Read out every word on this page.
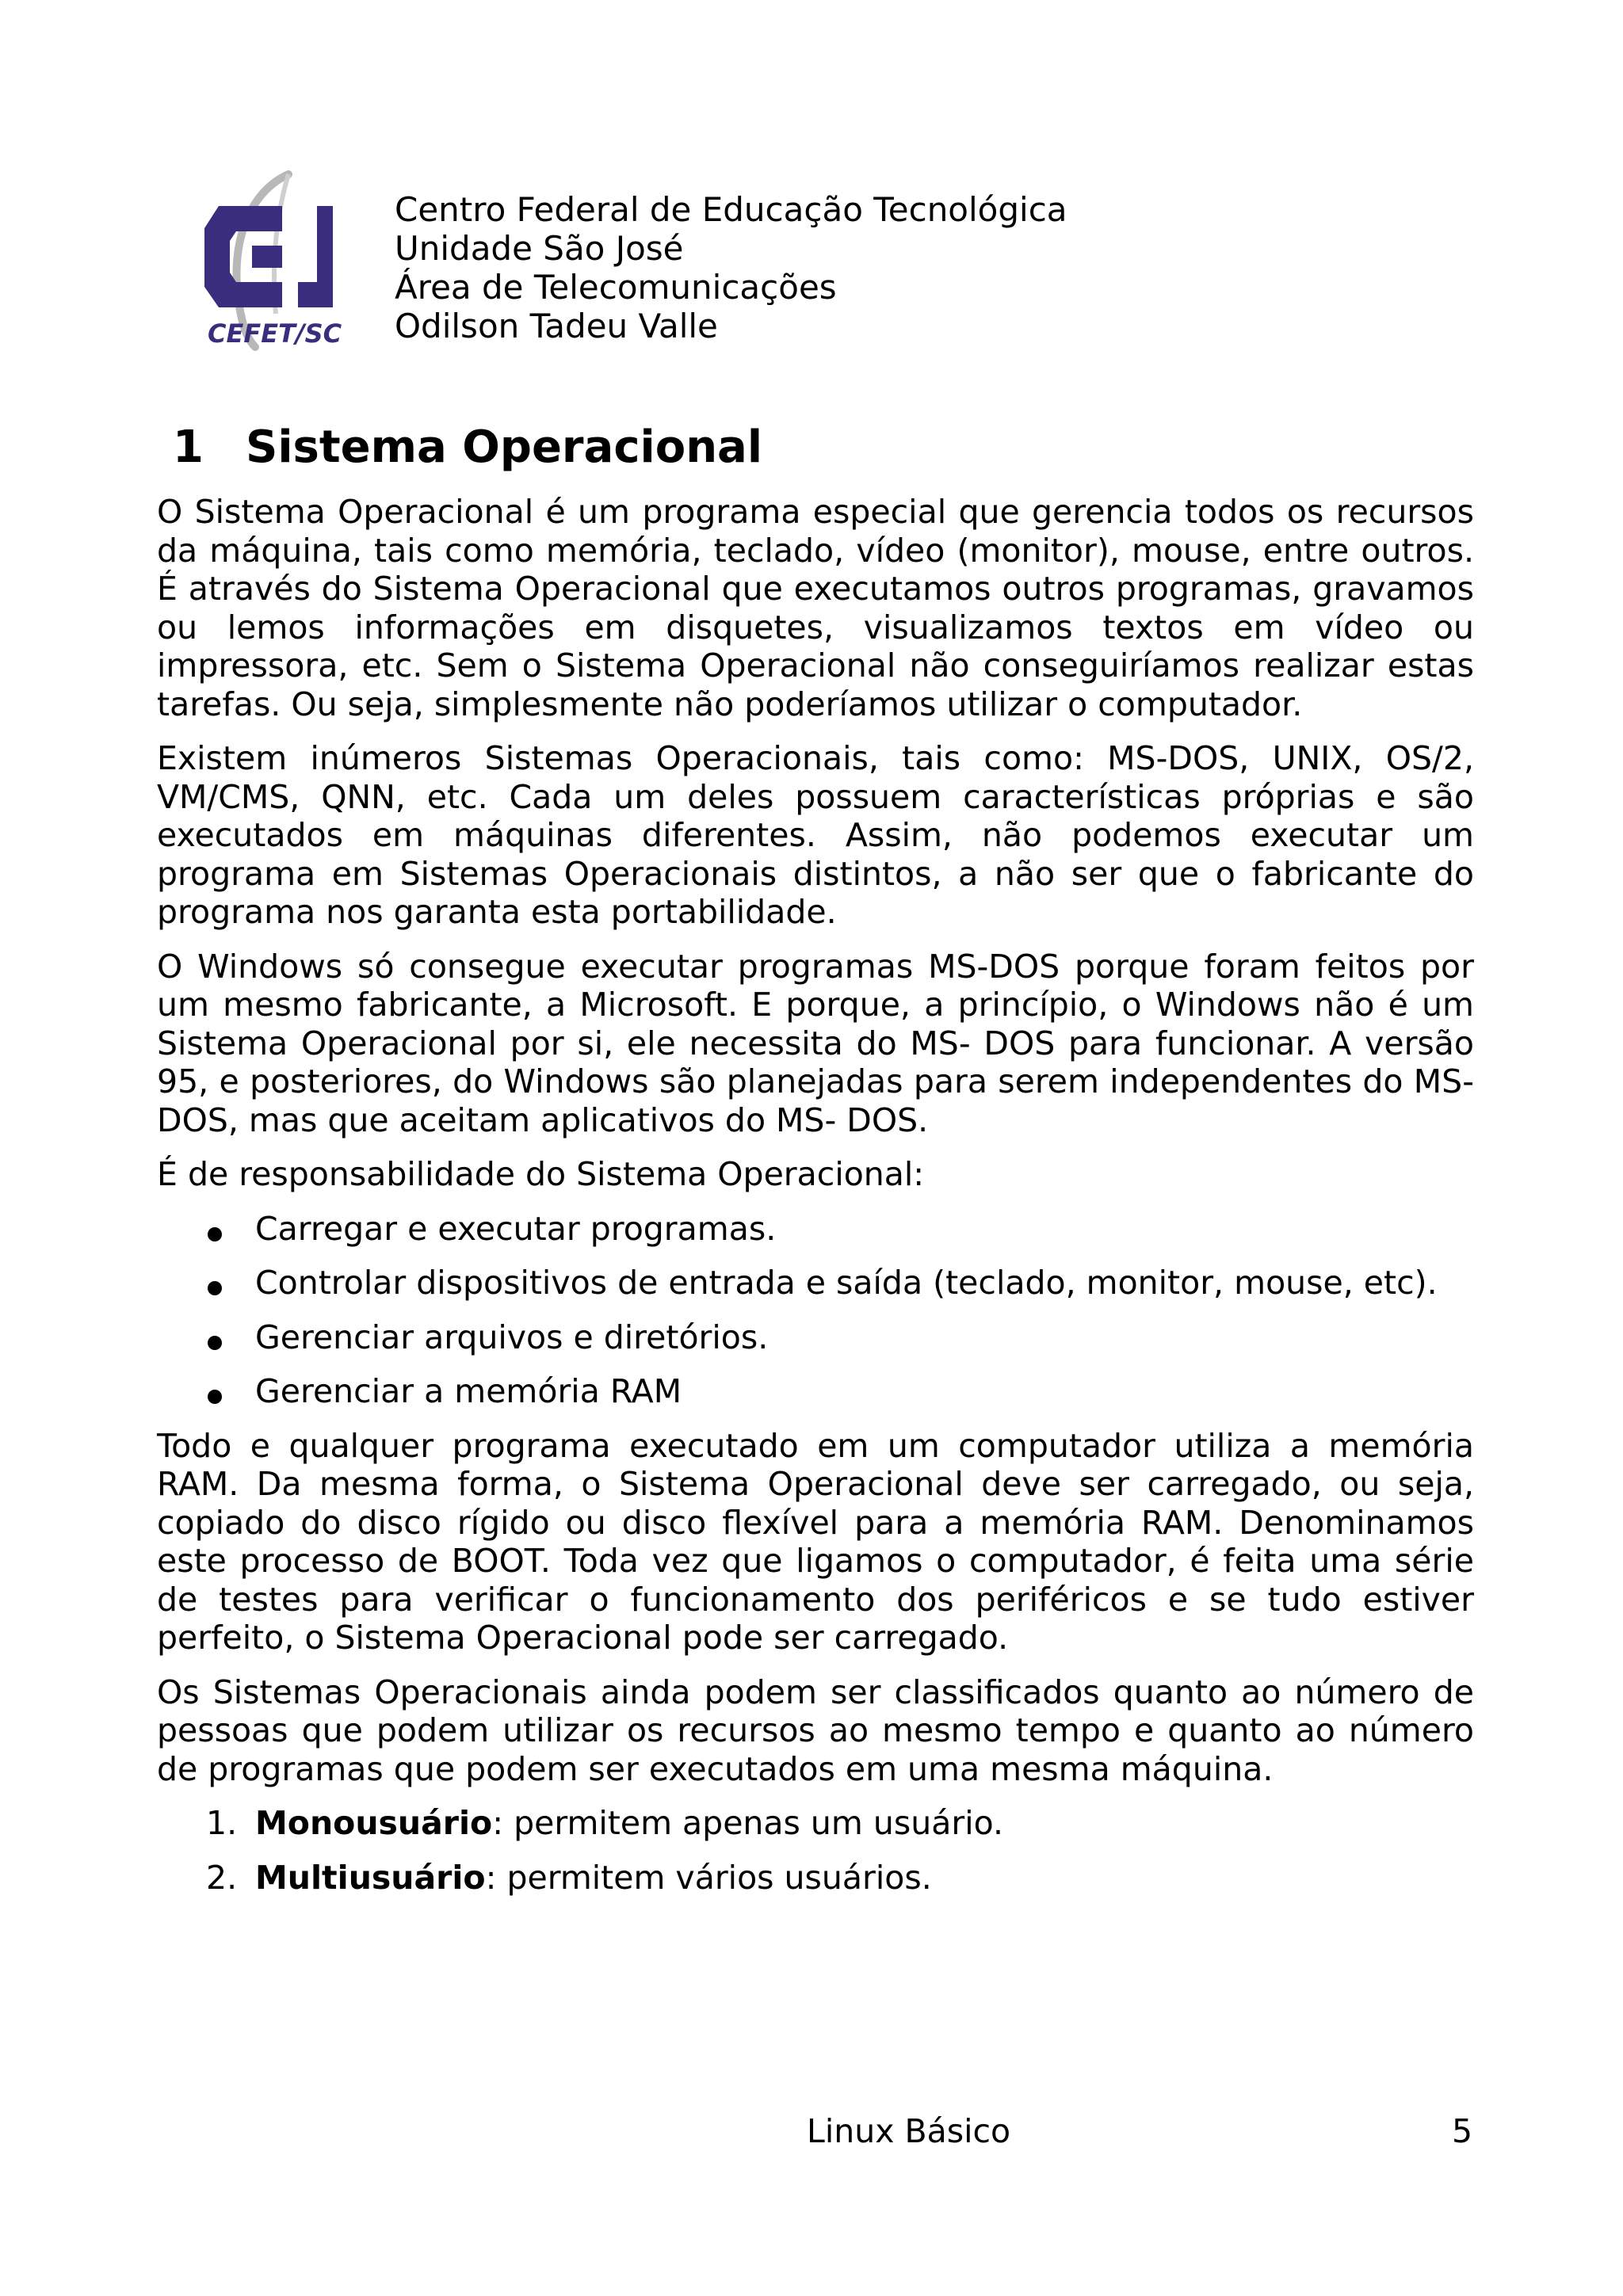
CEFET/SC
Centro Federal de Educação Tecnológica
Unidade São José
Área de Telecomunicações
Odilson Tadeu Valle
1 Sistema Operacional

O Sistema Operacional é um programa especial que gerencia todos os recursos da máquina, tais como memória, teclado, vídeo (monitor), mouse, entre outros. É através do Sistema Operacional que executamos outros programas, gravamos ou lemos informações em disquetes, visualizamos textos em vídeo ou impressora, etc. Sem o Sistema Operacional não conseguiríamos realizar estas tarefas. Ou seja, simplesmente não poderíamos utilizar o computador.

Existem inúmeros Sistemas Operacionais, tais como: MS-DOS, UNIX, OS/2, VM/CMS, QNN, etc. Cada um deles possuem características próprias e são executados em máquinas diferentes. Assim, não podemos executar um programa em Sistemas Operacionais distintos, a não ser que o fabricante do programa nos garanta esta portabilidade.

O Windows só consegue executar programas MS-DOS porque foram feitos por um mesmo fabricante, a Microsoft. E porque, a princípio, o Windows não é um Sistema Operacional por si, ele necessita do MS- DOS para funcionar. A versão 95, e posteriores, do Windows são planejadas para serem independentes do MS- DOS, mas que aceitam aplicativos do MS- DOS.

É de responsabilidade do Sistema Operacional:

Carregar e executar programas.
Controlar dispositivos de entrada e saída (teclado, monitor, mouse, etc).
Gerenciar arquivos e diretórios.
Gerenciar a memória RAM

Todo e qualquer programa executado em um computador utiliza a memória RAM. Da mesma forma, o Sistema Operacional deve ser carregado, ou seja, copiado do disco rígido ou disco flexível para a memória RAM. Denominamos este processo de BOOT. Toda vez que ligamos o computador, é feita uma série de testes para verificar o funcionamento dos periféricos e se tudo estiver perfeito, o Sistema Operacional pode ser carregado.

Os Sistemas Operacionais ainda podem ser classificados quanto ao número de pessoas que podem utilizar os recursos ao mesmo tempo e quanto ao número de programas que podem ser executados em uma mesma máquina.

1. Monousuário: permitem apenas um usuário.
2. Multiusuário: permitem vários usuários.
Linux Básico	5
